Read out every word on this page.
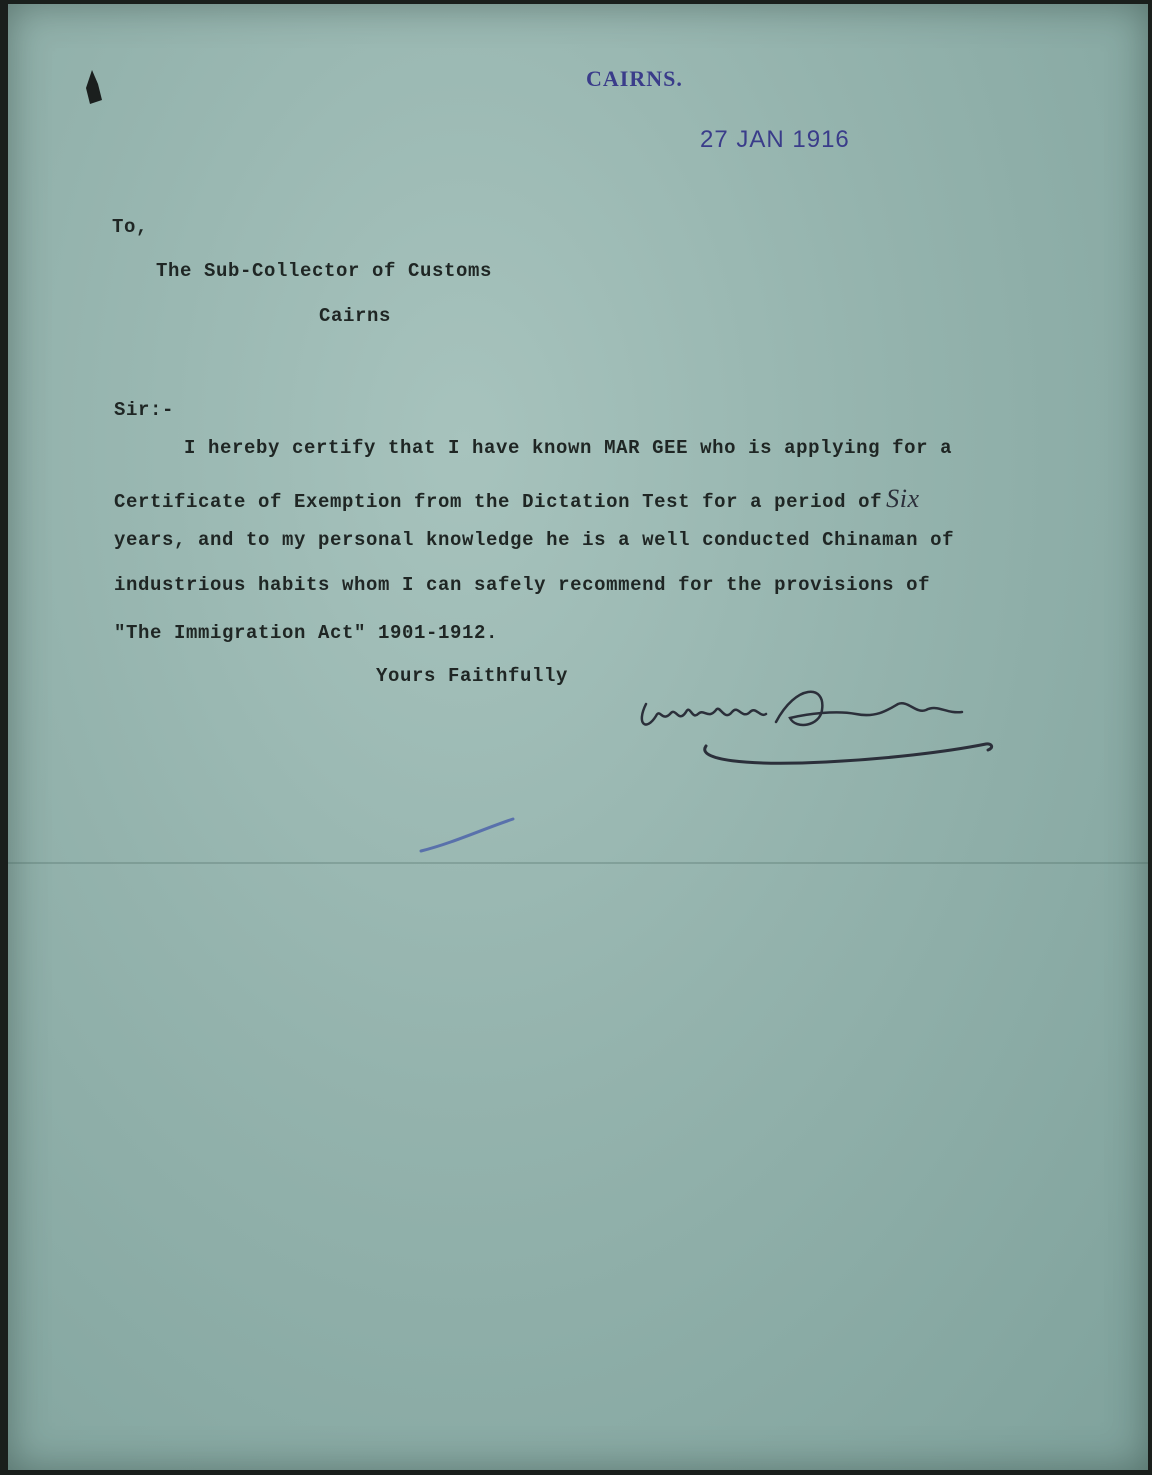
CAIRNS.
27 JAN 1916
To,
The Sub-Collector of Customs
Cairns
Sir:-
I hereby certify that I have known MAR GEE who is applying for a
Certificate of Exemption from the Dictation Test for a period of Six
years, and to my personal knowledge he is a well conducted Chinaman of
industrious habits whom I can safely recommend for the provisions of
"The Immigration Act" 1901-1912.
Yours Faithfully
